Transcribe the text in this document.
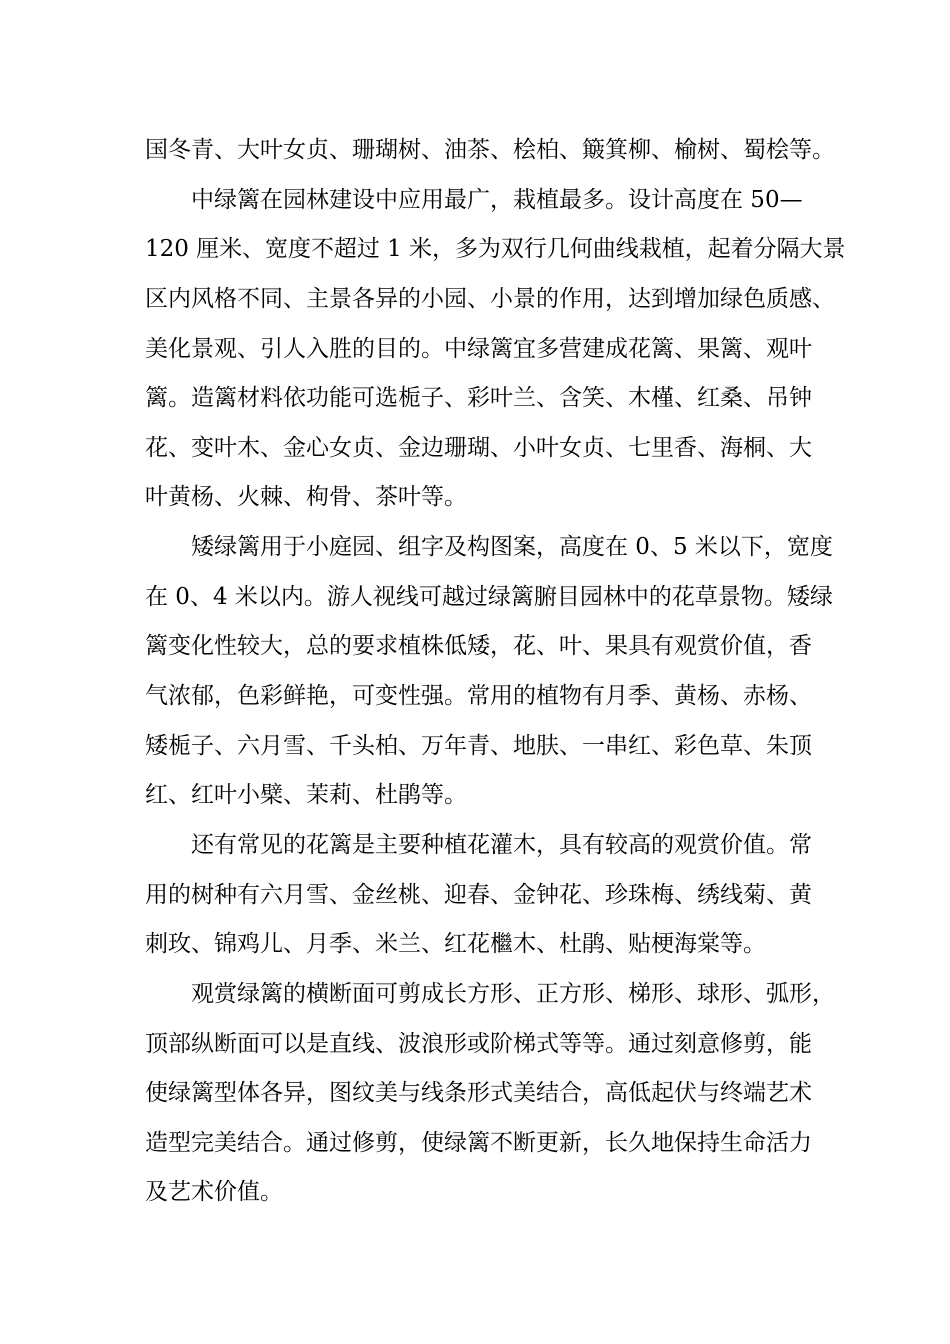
国冬青、大叶女贞、珊瑚树、油茶、桧柏、簸箕柳、榆树、蜀桧等。
中绿篱在园林建设中应用最广，栽植最多。设计高度在 50—
120 厘米、宽度不超过 1 米，多为双行几何曲线栽植，起着分隔大景
区内风格不同、主景各异的小园、小景的作用，达到增加绿色质感、
美化景观、引人入胜的目的。中绿篱宜多营建成花篱、果篱、观叶
篱。造篱材料依功能可选栀子、彩叶兰、含笑、木槿、红桑、吊钟
花、变叶木、金心女贞、金边珊瑚、小叶女贞、七里香、海桐、大
叶黄杨、火棘、枸骨、茶叶等。
矮绿篱用于小庭园、组字及构图案，高度在 0、5 米以下，宽度
在 0、4 米以内。游人视线可越过绿篱腑目园林中的花草景物。矮绿
篱变化性较大，总的要求植株低矮，花、叶、果具有观赏价值，香
气浓郁，色彩鲜艳，可变性强。常用的植物有月季、黄杨、赤杨、
矮栀子、六月雪、千头柏、万年青、地肤、一串红、彩色草、朱顶
红、红叶小檗、茉莉、杜鹃等。
还有常见的花篱是主要种植花灌木，具有较高的观赏价值。常
用的树种有六月雪、金丝桃、迎春、金钟花、珍珠梅、绣线菊、黄
刺玫、锦鸡儿、月季、米兰、红花檵木、杜鹃、贴梗海棠等。
观赏绿篱的横断面可剪成长方形、正方形、梯形、球形、弧形，
顶部纵断面可以是直线、波浪形或阶梯式等等。通过刻意修剪，能
使绿篱型体各异，图纹美与线条形式美结合，高低起伏与终端艺术
造型完美结合。通过修剪，使绿篱不断更新，长久地保持生命活力
及艺术价值。
